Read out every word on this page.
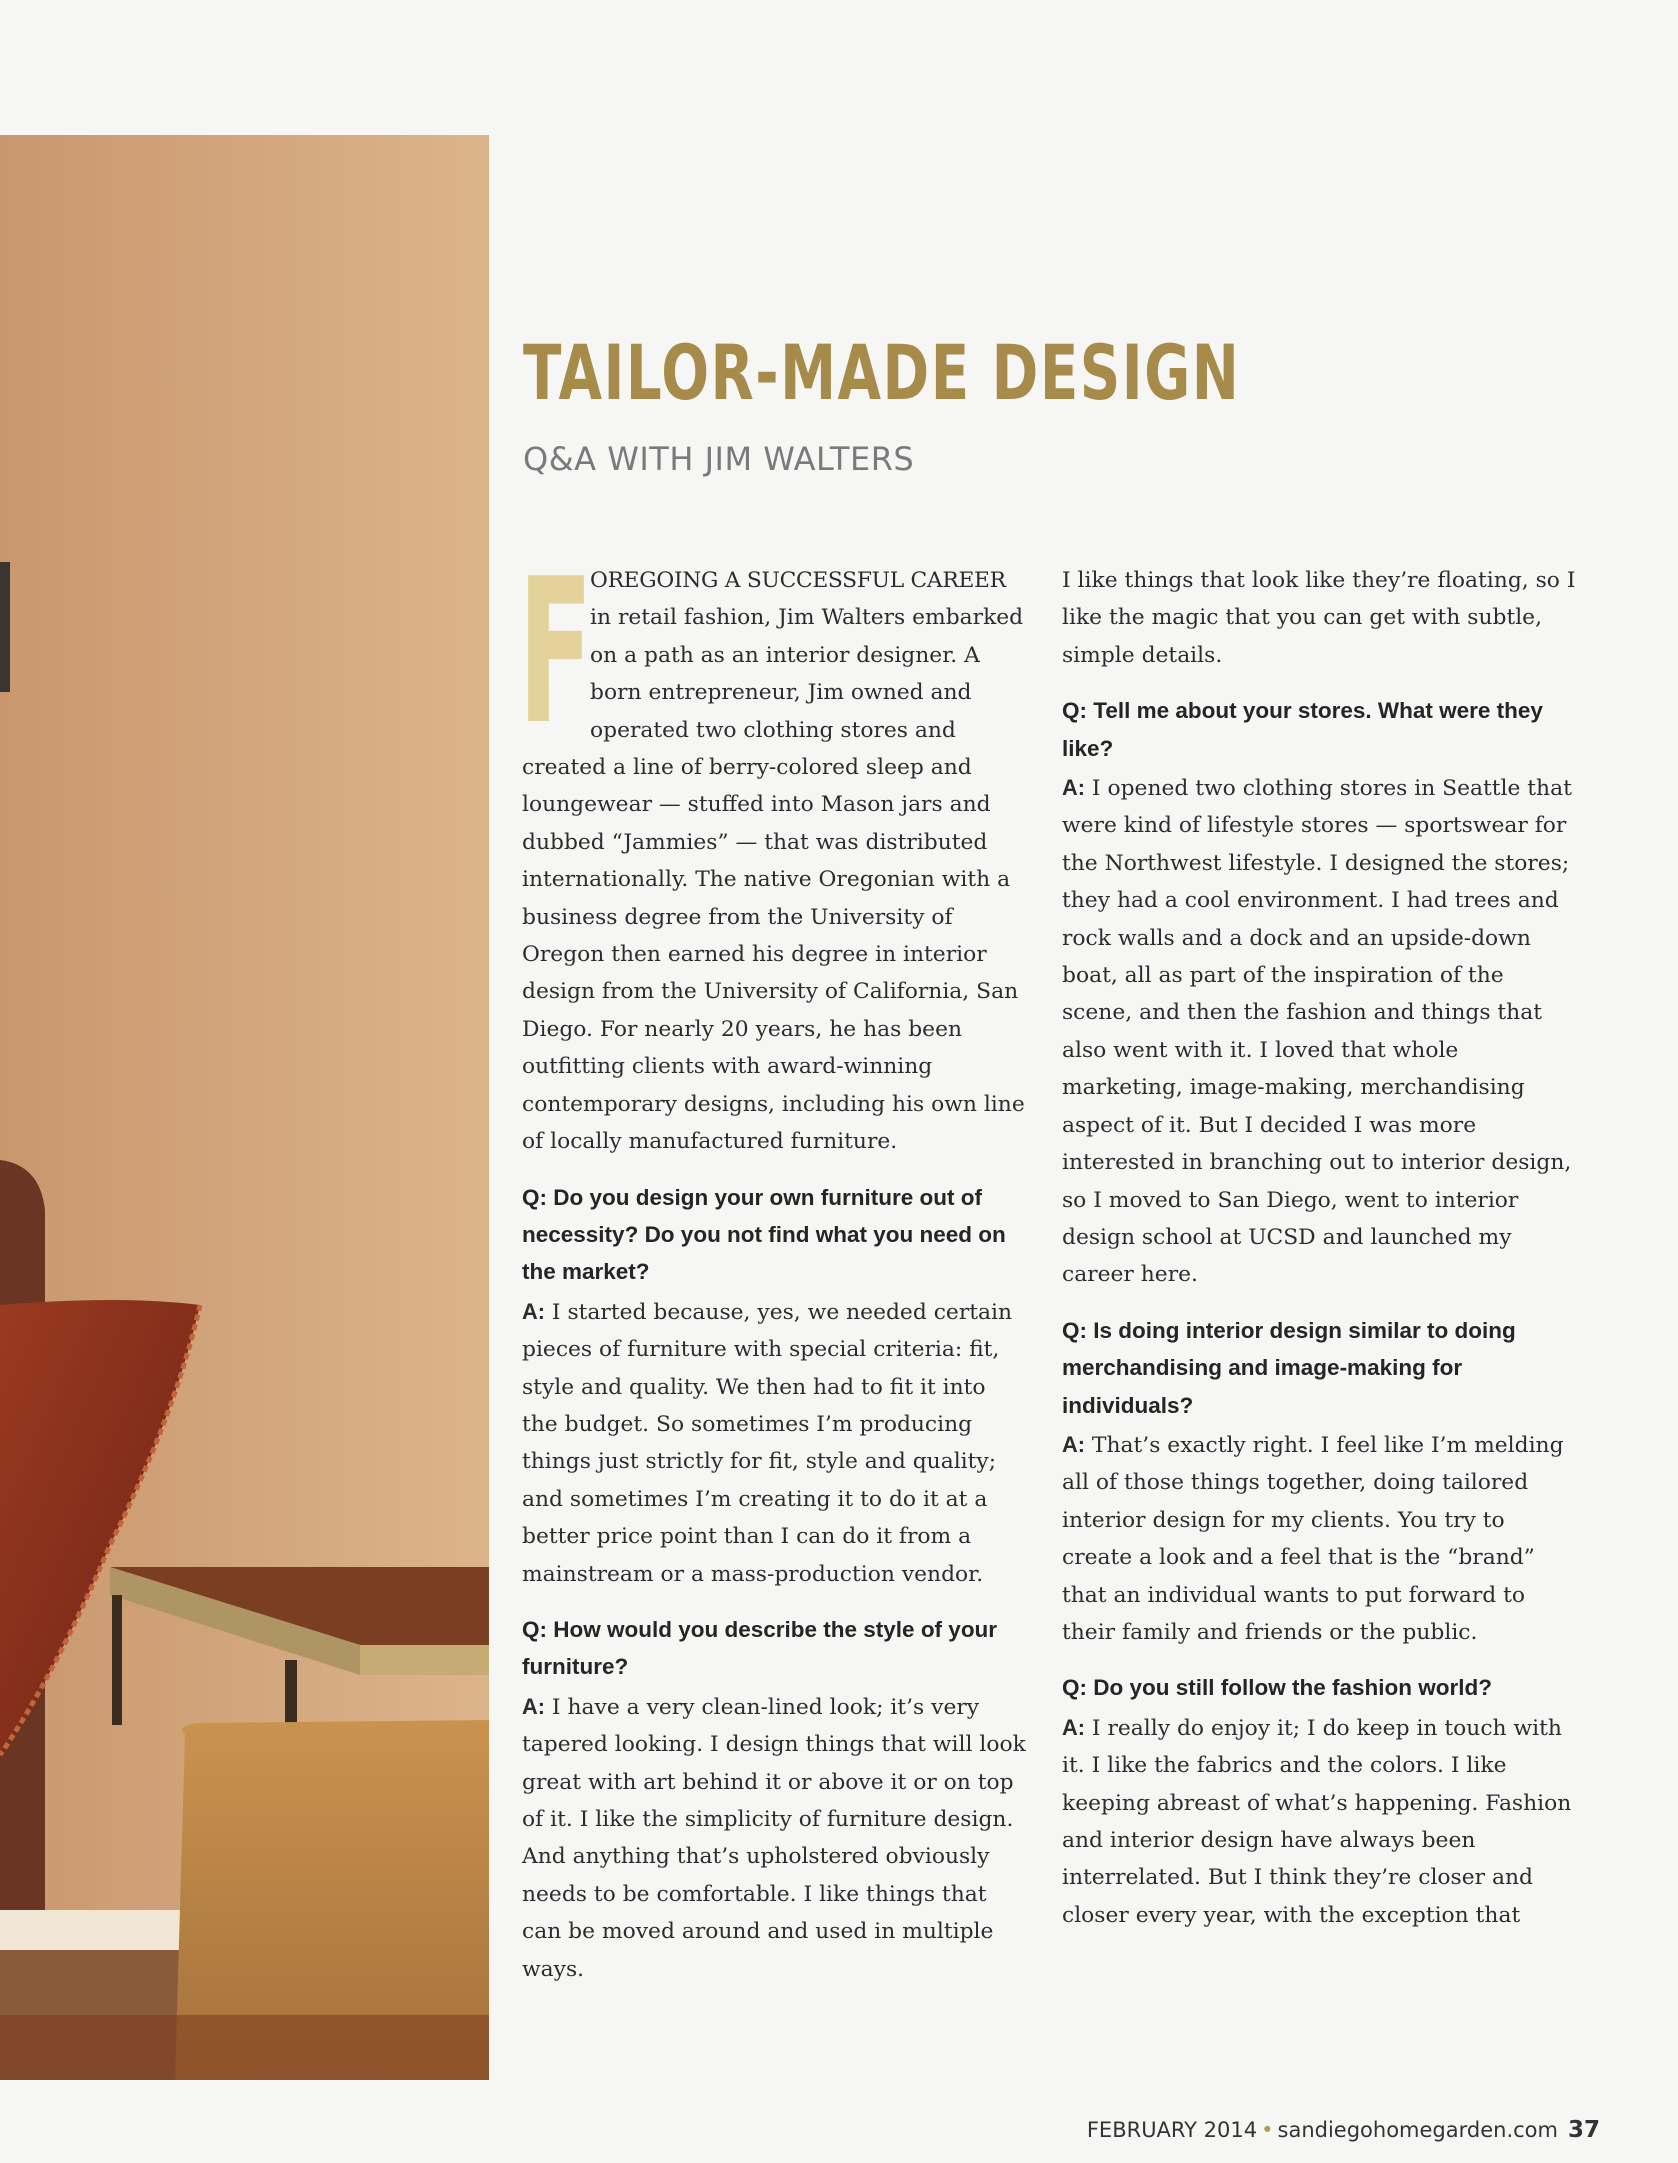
TAILOR-MADE DESIGN
Q&A WITH JIM WALTERS

F
OREGOING A SUCCESSFUL CAREER in retail fashion, Jim Walters embarked on a path as an interior designer. A born entrepreneur, Jim owned and operated two clothing stores and created a line of berry-colored sleep and loungewear — stuffed into Mason jars and dubbed “Jammies” — that was distributed internationally. The native Oregonian with a business degree from the University of Oregon then earned his degree in interior design from the University of California, San Diego. For nearly 20 years, he has been outfitting clients with award-winning contemporary designs, including his own line of locally manufactured furniture.

Q: Do you design your own furniture out of necessity? Do you not find what you need on the market?

A: I started because, yes, we needed certain pieces of furniture with special criteria: fit, style and quality. We then had to fit it into the budget. So sometimes I’m producing things just strictly for fit, style and quality; and sometimes I’m creating it to do it at a better price point than I can do it from a mainstream or a mass-production vendor.

Q: How would you describe the style of your furniture?

A: I have a very clean-lined look; it’s very tapered looking. I design things that will look great with art behind it or above it or on top of it. I like the simplicity of furniture design. And anything that’s upholstered obviously needs to be comfortable. I like things that can be moved around and used in multiple ways.

I like things that look like they’re floating, so I like the magic that you can get with subtle, simple details.

Q: Tell me about your stores. What were they like?

A: I opened two clothing stores in Seattle that were kind of lifestyle stores — sportswear for the Northwest lifestyle. I designed the stores; they had a cool environment. I had trees and rock walls and a dock and an upside-down boat, all as part of the inspiration of the scene, and then the fashion and things that also went with it. I loved that whole marketing, image-making, merchandising aspect of it. But I decided I was more interested in branching out to interior design, so I moved to San Diego, went to interior design school at UCSD and launched my career here.

Q: Is doing interior design similar to doing merchandising and image-making for individuals?

A: That’s exactly right. I feel like I’m melding all of those things together, doing tailored interior design for my clients. You try to create a look and a feel that is the “brand” that an individual wants to put forward to their family and friends or the public.

Q: Do you still follow the fashion world?

A: I really do enjoy it; I do keep in touch with it. I like the fabrics and the colors. I like keeping abreast of what’s happening. Fashion and interior design have always been interrelated. But I think they’re closer and closer every year, with the exception that

FEBRUARY 2014 • sandiegohomegarden.com 37
